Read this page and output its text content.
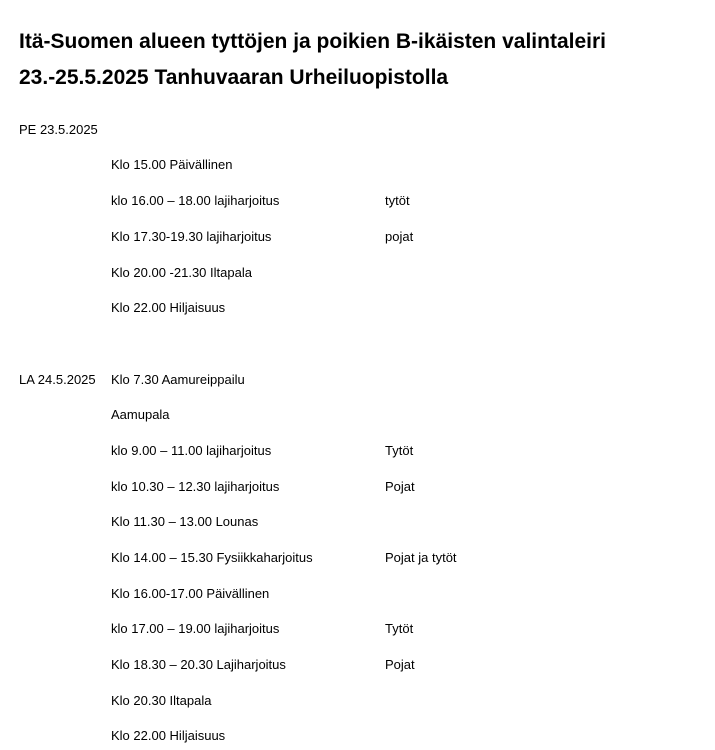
Itä-Suomen alueen tyttöjen ja poikien B-ikäisten valintaleiri
23.-25.5.2025 Tanhuvaaran Urheiluopistolla
PE 23.5.2025
Klo 15.00 Päivällinen
klo 16.00 – 18.00 lajiharjoitus	tytöt
Klo 17.30-19.30 lajiharjoitus	pojat
Klo 20.00 -21.30 Iltapala
Klo 22.00 Hiljaisuus
LA 24.5.2025 Klo 7.30 Aamureippailu
Aamupala
klo 9.00 – 11.00 lajiharjoitus	Tytöt
klo 10.30 – 12.30 lajiharjoitus	Pojat
Klo 11.30 – 13.00 Lounas
Klo 14.00 – 15.30 Fysiikkaharjoitus	Pojat ja tytöt
Klo 16.00-17.00 Päivällinen
klo 17.00 – 19.00 lajiharjoitus	Tytöt
Klo 18.30 – 20.30 Lajiharjoitus	Pojat
Klo 20.30 Iltapala
Klo 22.00 Hiljaisuus
